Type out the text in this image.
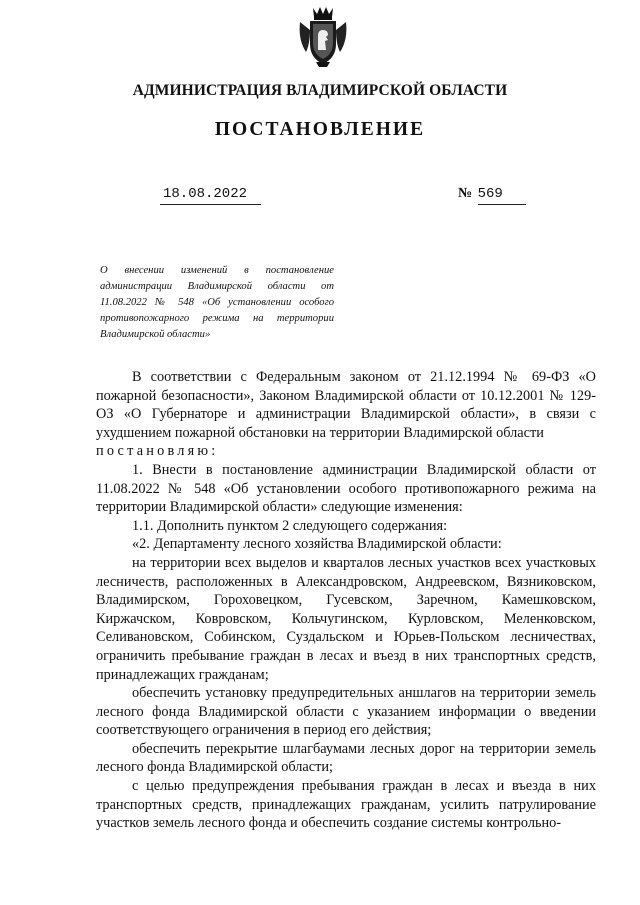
АДМИНИСТРАЦИЯ ВЛАДИМИРСКОЙ ОБЛАСТИ
ПОСТАНОВЛЕНИЕ
18.08.2022	№ 569
О внесении изменений в постановление администрации Владимирской области от 11.08.2022 № 548 «Об установлении особого противопожарного режима на территории Владимирской области»

В соответствии с Федеральным законом от 21.12.1994 № 69-ФЗ «О пожарной безопасности», Законом Владимирской области от 10.12.2001 № 129-ОЗ «О Губернаторе и администрации Владимирской области», в связи с ухудшением пожарной обстановки на территории Владимирской области

постановляю:

1. Внести в постановление администрации Владимирской области от 11.08.2022 № 548 «Об установлении особого противопожарного режима на территории Владимирской области» следующие изменения:

1.1. Дополнить пунктом 2 следующего содержания:

«2. Департаменту лесного хозяйства Владимирской области:

на территории всех выделов и кварталов лесных участков всех участковых лесничеств, расположенных в Александровском, Андреевском, Вязниковском, Владимирском, Гороховецком, Гусевском, Заречном, Камешковском, Киржачском, Ковровском, Кольчугинском, Курловском, Меленковском, Селивановском, Собинском, Суздальском и Юрьев-Польском лесничествах, ограничить пребывание граждан в лесах и въезд в них транспортных средств, принадлежащих гражданам;

обеспечить установку предупредительных аншлагов на территории земель лесного фонда Владимирской области с указанием информации о введении соответствующего ограничения в период его действия;

обеспечить перекрытие шлагбаумами лесных дорог на территории земель лесного фонда Владимирской области;

с целью предупреждения пребывания граждан в лесах и въезда в них транспортных средств, принадлежащих гражданам, усилить патрулирование участков земель лесного фонда и обеспечить создание системы контрольно-
